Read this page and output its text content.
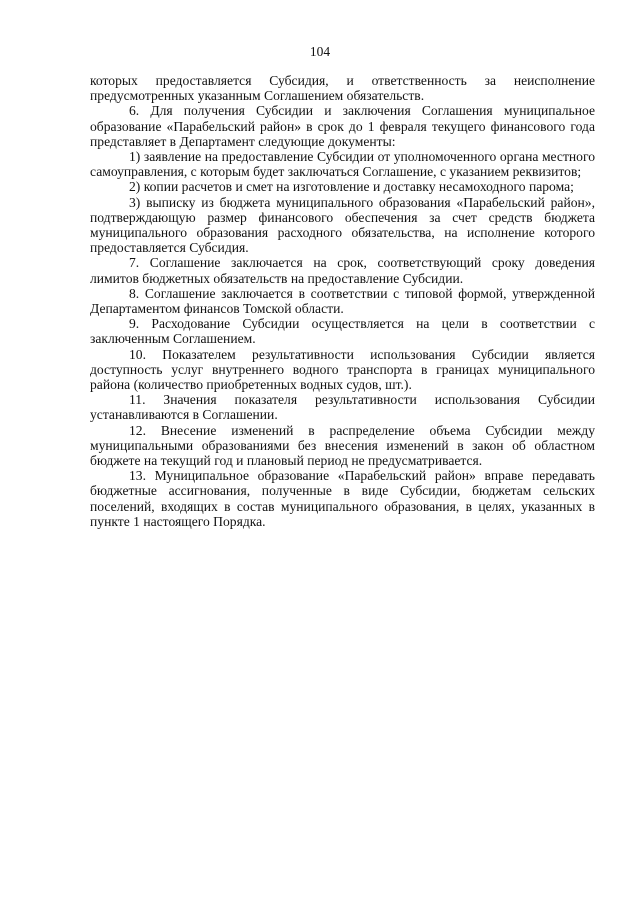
104

которых предоставляется Субсидия, и ответственность за неисполнение предусмотренных указанным Соглашением обязательств.

6. Для получения Субсидии и заключения Соглашения муниципальное образование «Парабельский район» в срок до 1 февраля текущего финансового года представляет в Департамент следующие документы:

1) заявление на предоставление Субсидии от уполномоченного органа местного самоуправления, с которым будет заключаться Соглашение, с указанием реквизитов;

2) копии расчетов и смет на изготовление и доставку несамоходного парома;

3) выписку из бюджета муниципального образования «Парабельский район», подтверждающую размер финансового обеспечения за счет средств бюджета муниципального образования расходного обязательства, на исполнение которого предоставляется Субсидия.

7. Соглашение заключается на срок, соответствующий сроку доведения лимитов бюджетных обязательств на предоставление Субсидии.

8. Соглашение заключается в соответствии с типовой формой, утвержденной Департаментом финансов Томской области.

9. Расходование Субсидии осуществляется на цели в соответствии с заключенным Соглашением.

10. Показателем результативности использования Субсидии является доступность услуг внутреннего водного транспорта в границах муниципального района (количество приобретенных водных судов, шт.).

11. Значения показателя результативности использования Субсидии устанавливаются в Соглашении.

12. Внесение изменений в распределение объема Субсидии между муниципальными образованиями без внесения изменений в закон об областном бюджете на текущий год и плановый период не предусматривается.

13. Муниципальное образование «Парабельский район» вправе передавать бюджетные ассигнования, полученные в виде Субсидии, бюджетам сельских поселений, входящих в состав муниципального образования, в целях, указанных в пункте 1 настоящего Порядка.
